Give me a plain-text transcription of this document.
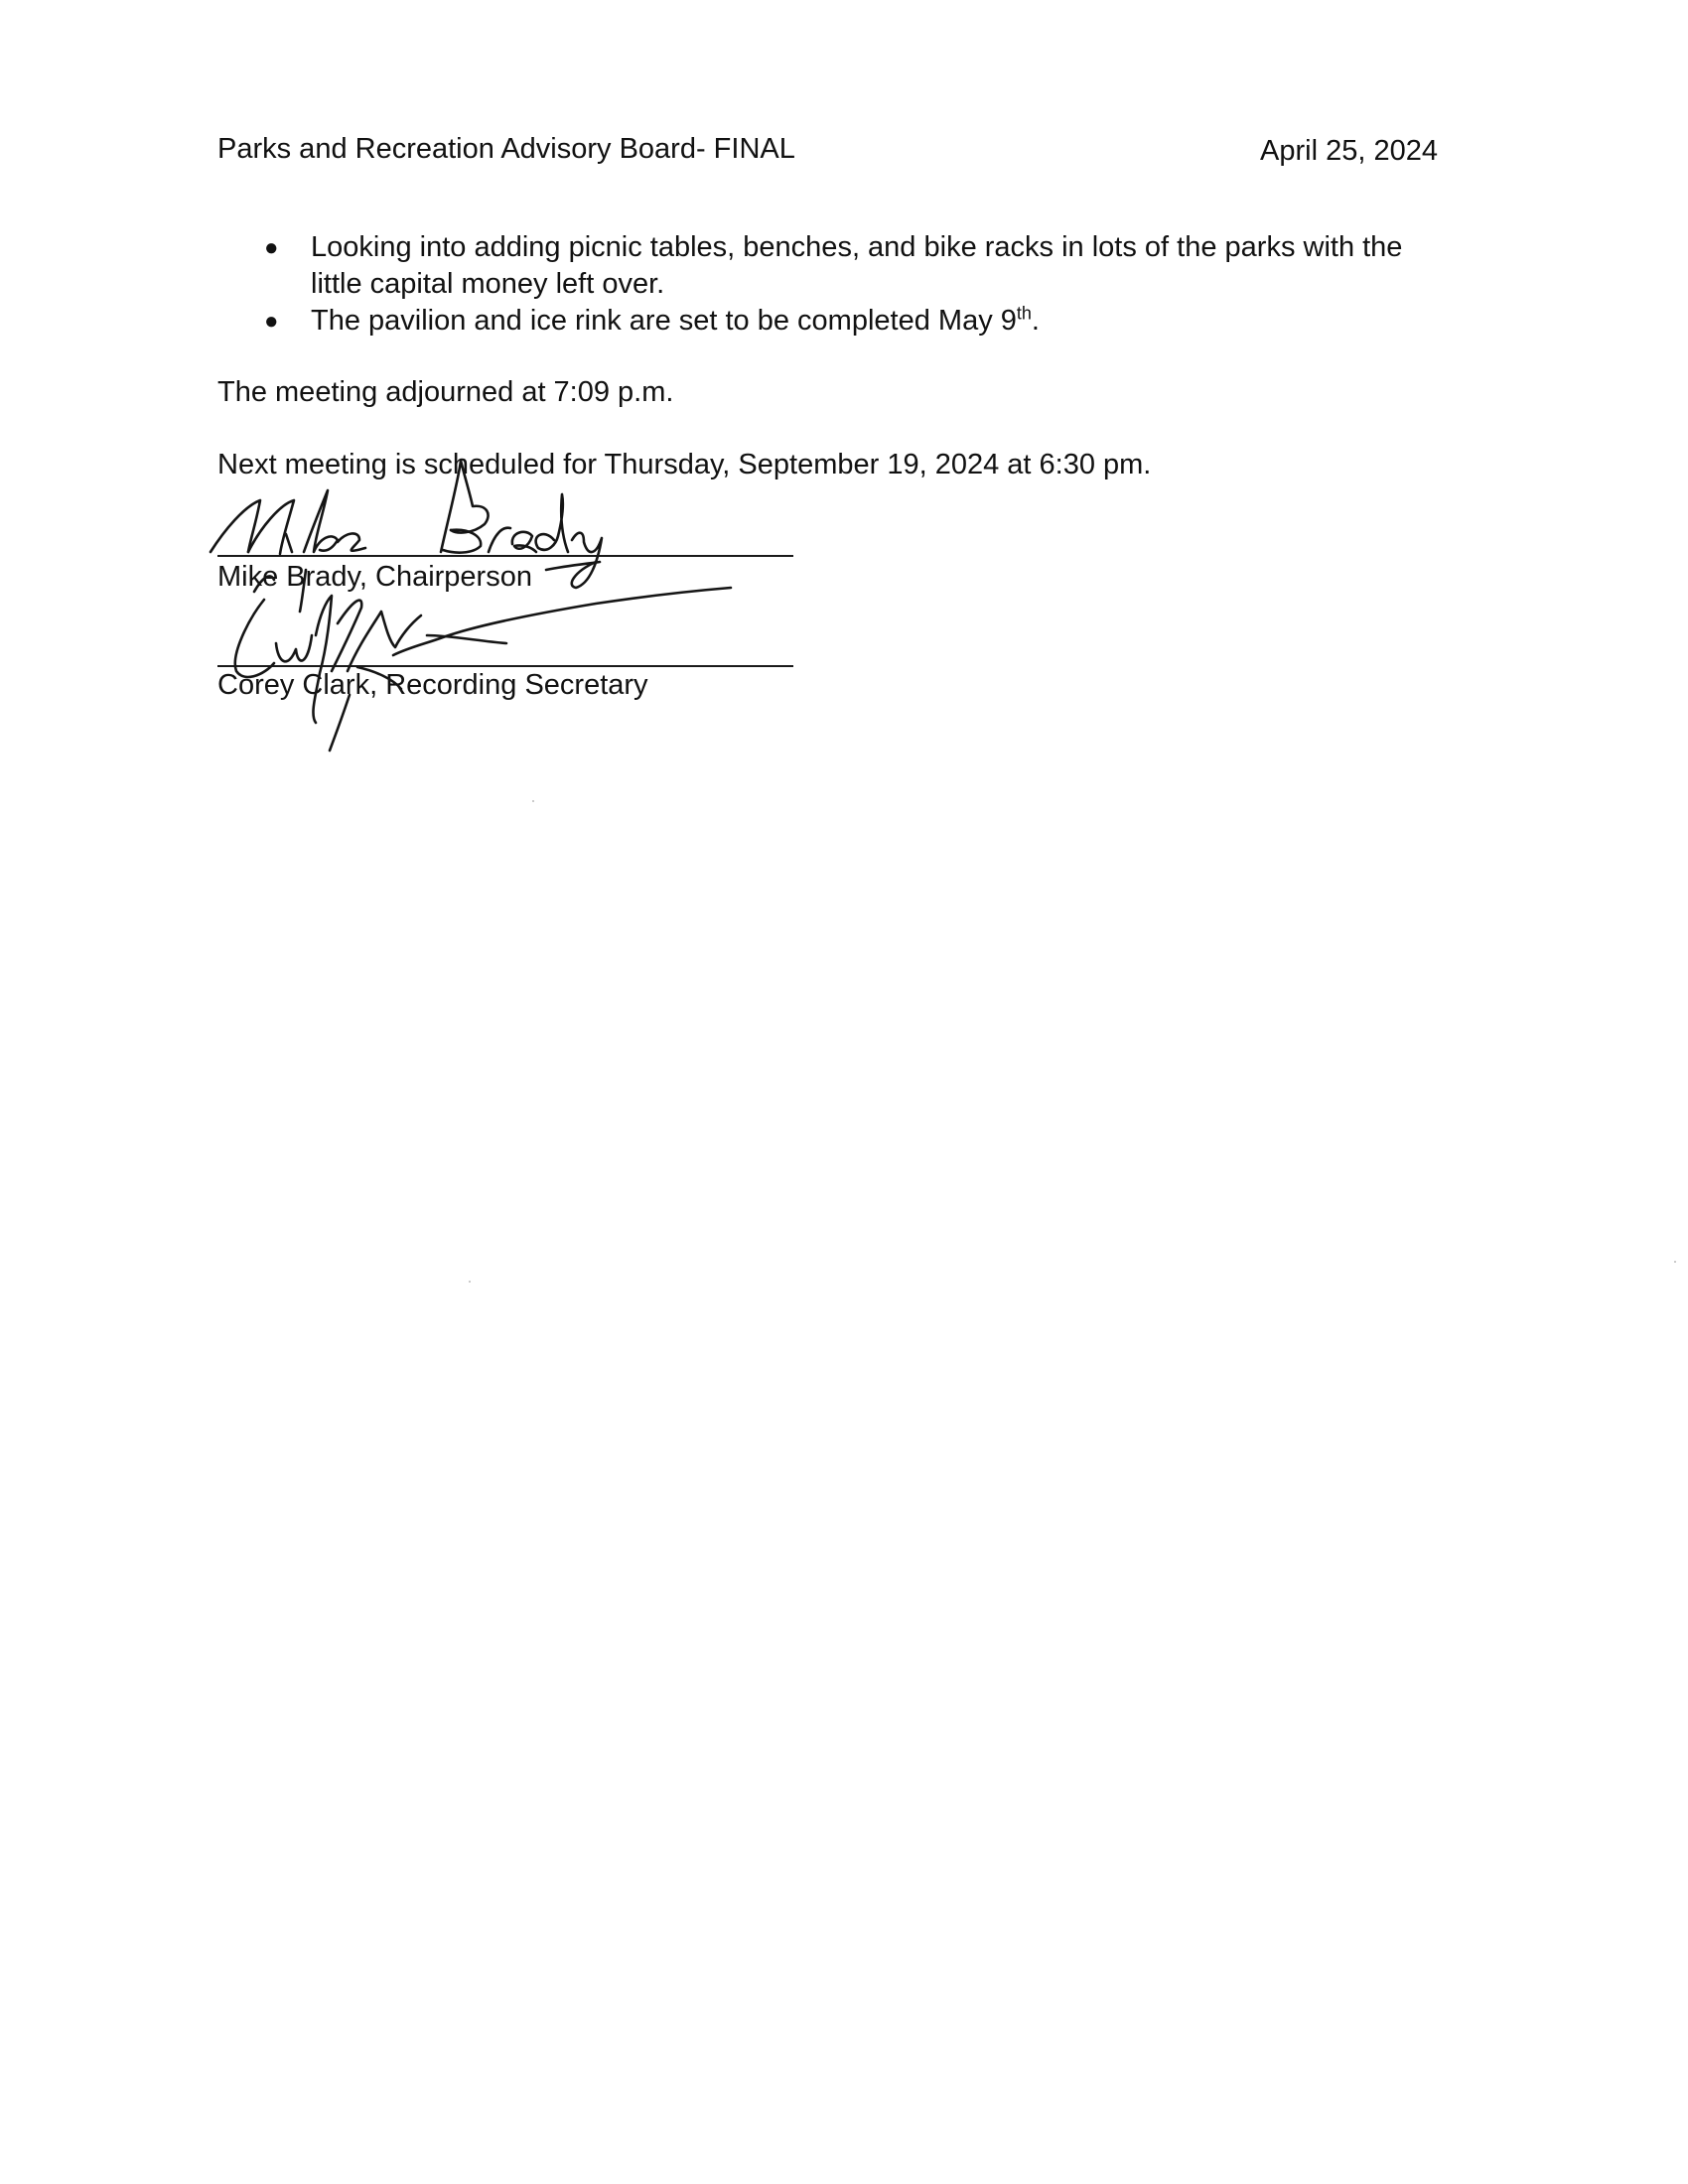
Parks and Recreation Advisory Board- FINAL	April 25, 2024
● Looking into adding picnic tables, benches, and bike racks in lots of the parks with the little capital money left over.
● The pavilion and ice rink are set to be completed May 9th.
The meeting adjourned at 7:09 p.m.
Next meeting is scheduled for Thursday, September 19, 2024 at 6:30 pm.
Mike Brady, Chairperson
Corey Clark, Recording Secretary
